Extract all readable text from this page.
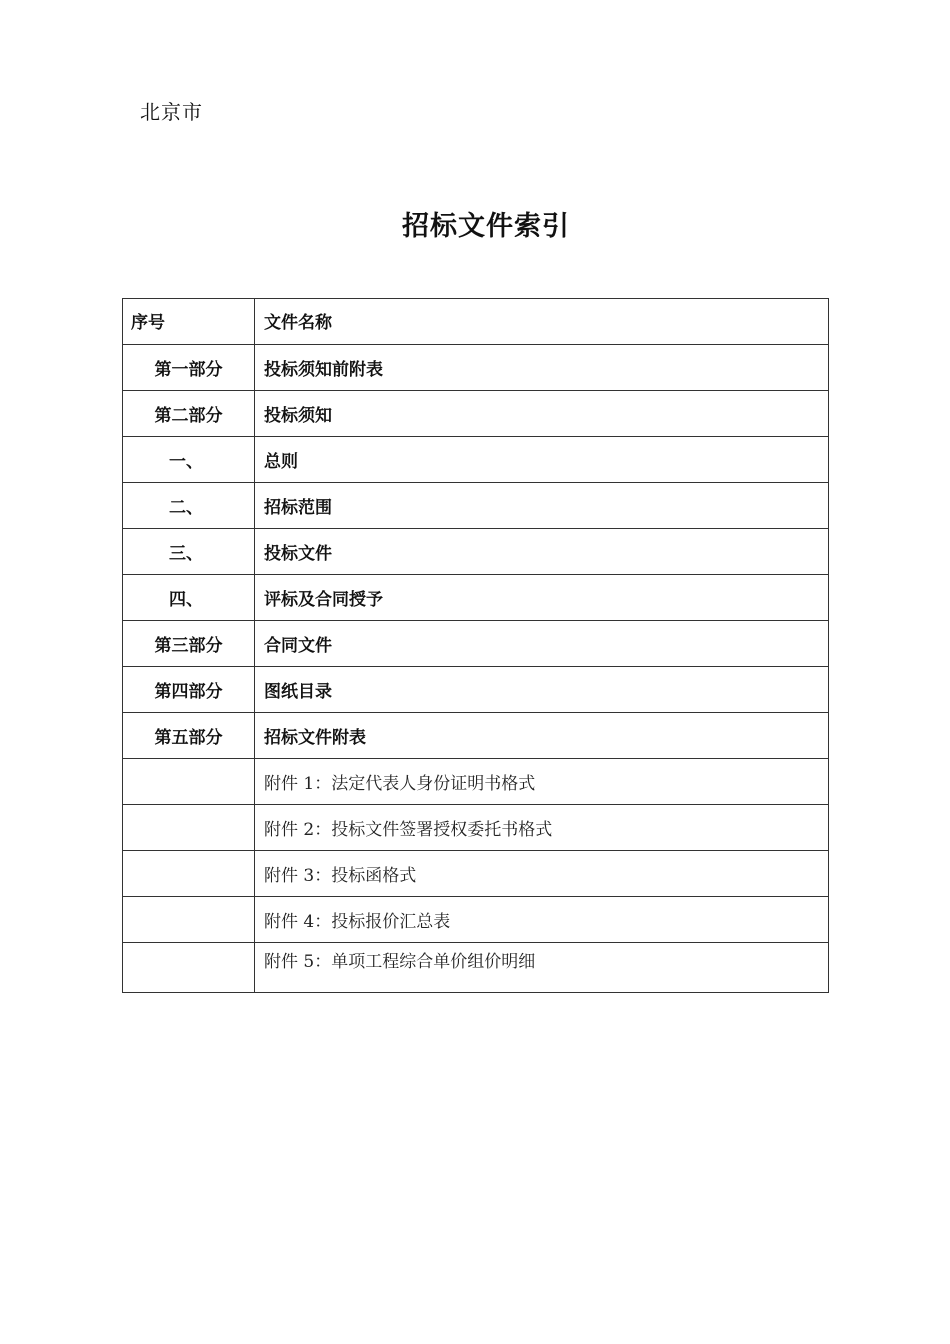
北京市
招标文件索引
序号	文件名称

第一部分	投标须知前附表
第二部分	投标须知
一、	总则
二、	招标范围
三、	投标文件
四、	评标及合同授予
第三部分	合同文件
第四部分	图纸目录
第五部分	招标文件附表
	附件 1：法定代表人身份证明书格式
	附件 2：投标文件签署授权委托书格式
	附件 3：投标函格式
	附件 4：投标报价汇总表
	附件 5：单项工程综合单价组价明细
